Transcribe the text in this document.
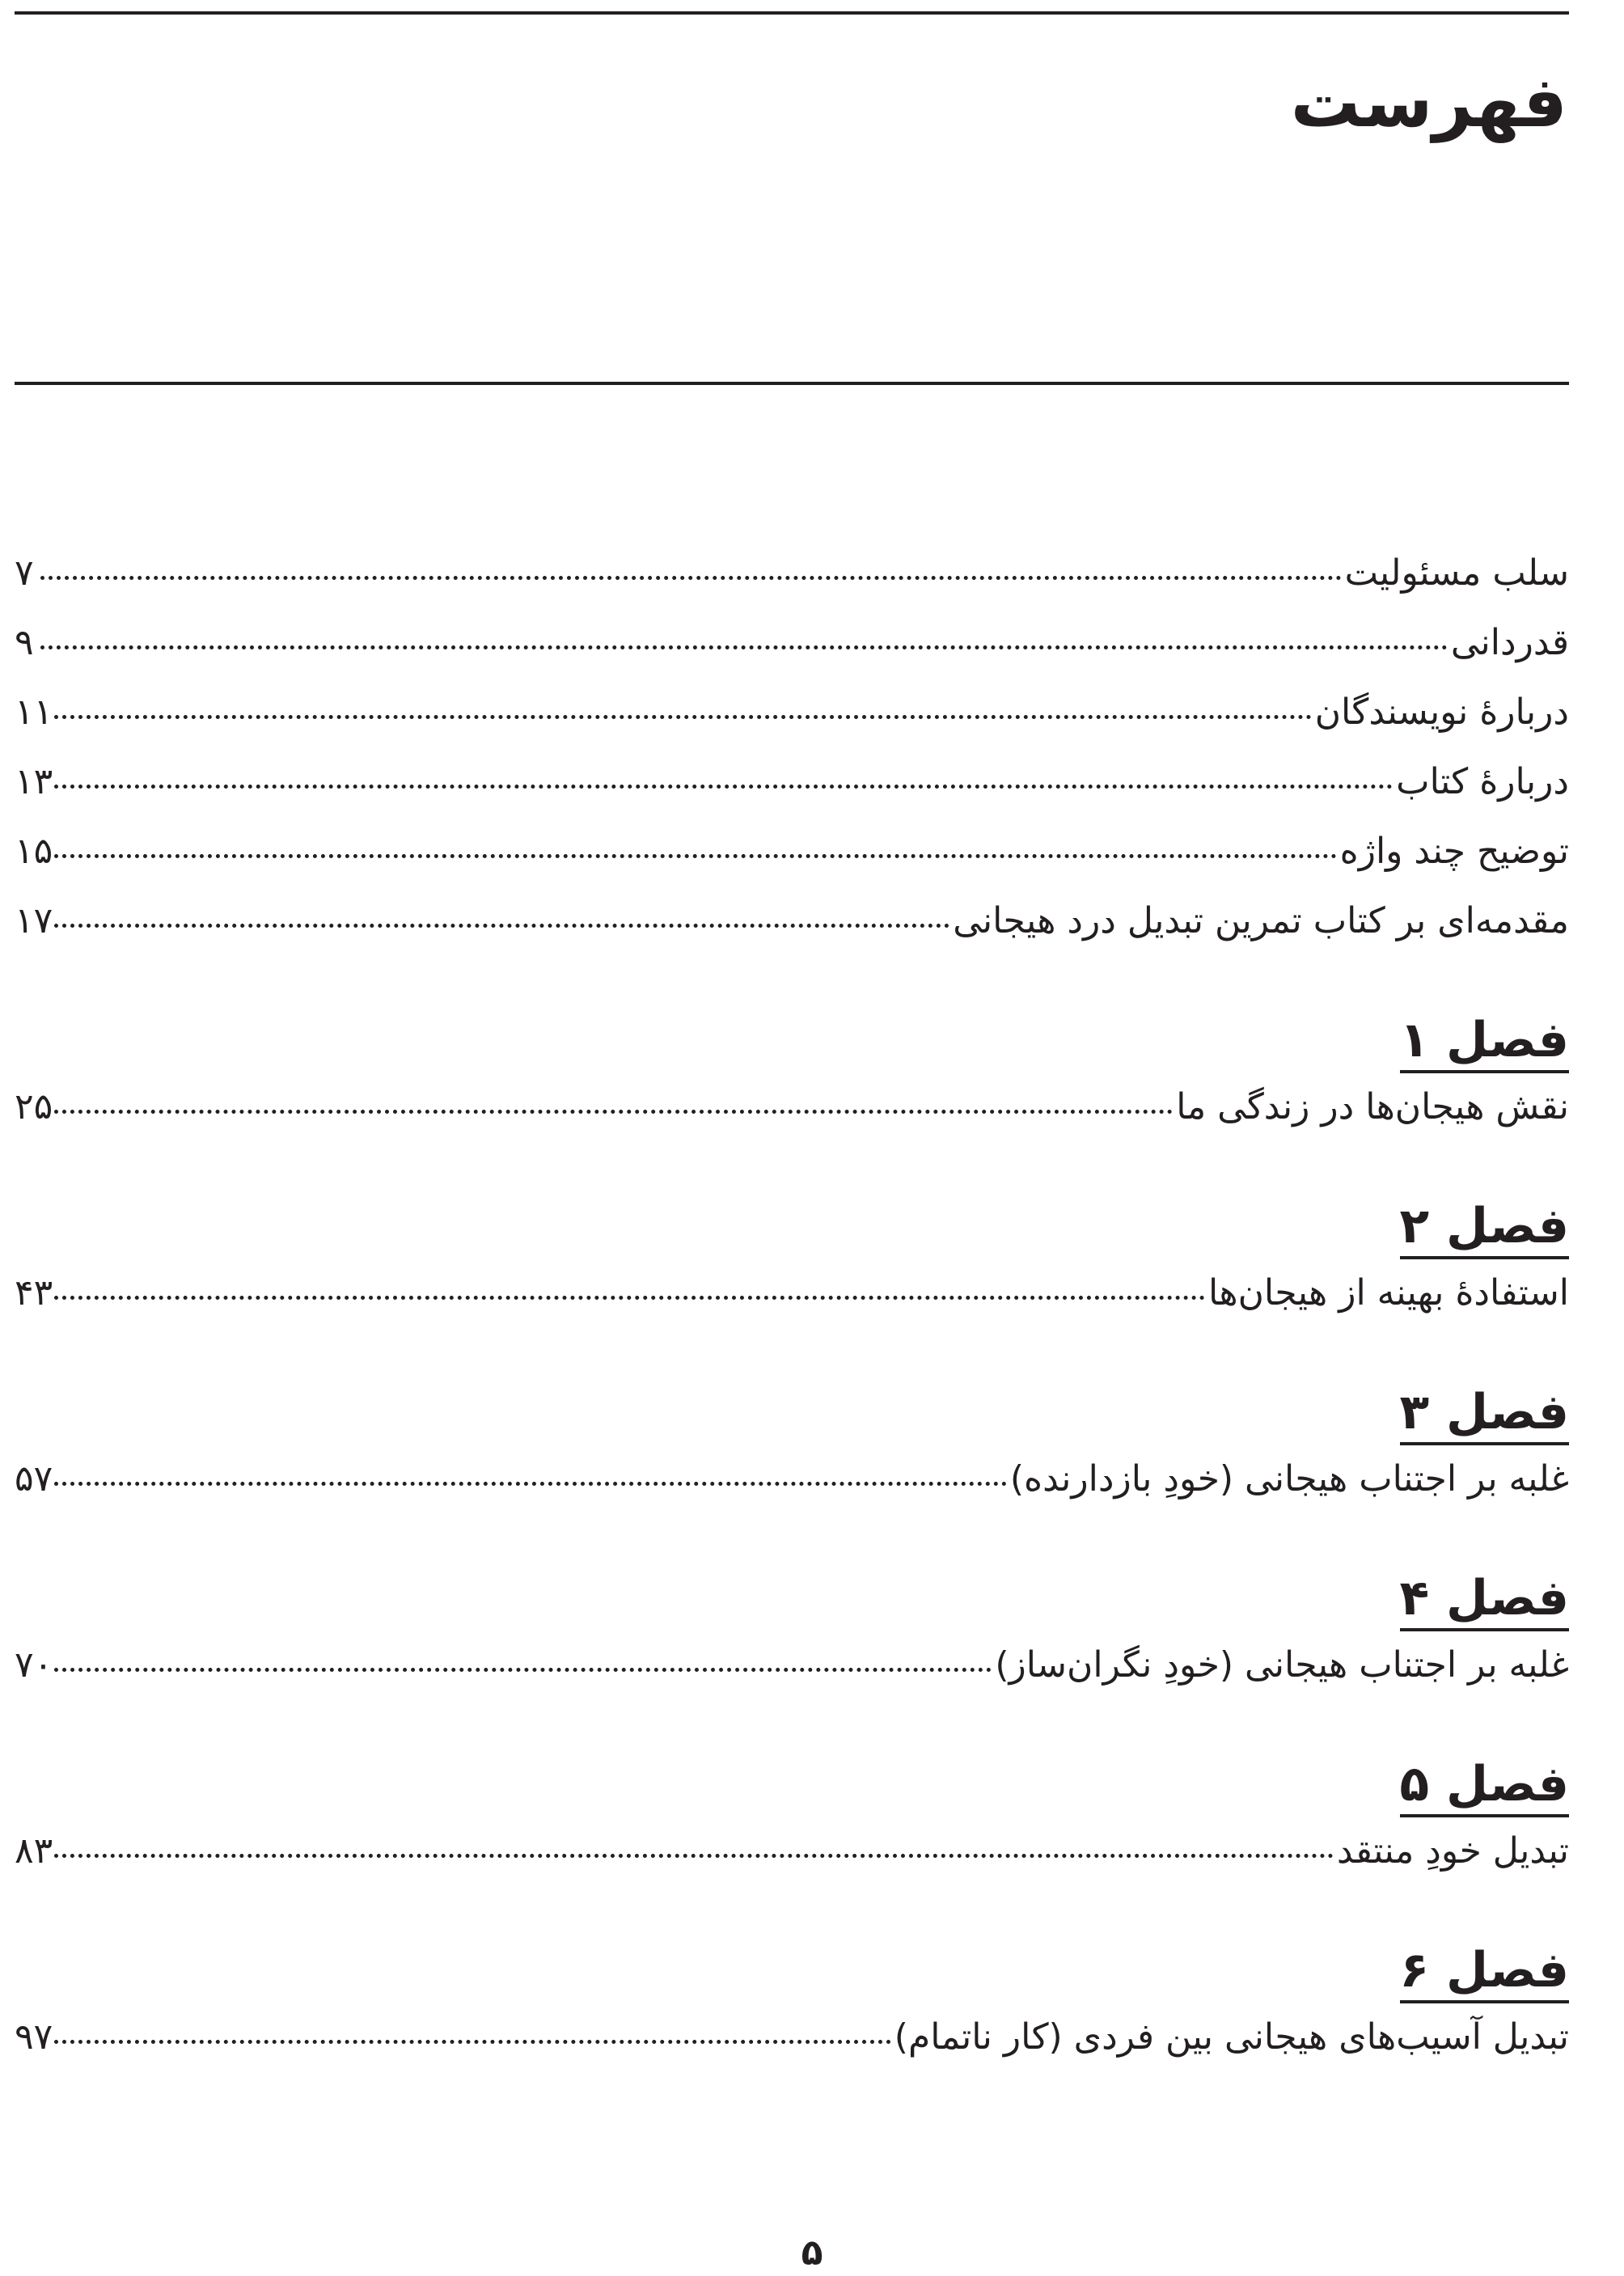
فهرست
سلب مسئولیت
۷
قدردانی
۹
دربارۀ نویسندگان
۱۱
دربارۀ کتاب
۱۳
توضیح چند واژه
۱۵
مقدمه‌ای بر کتاب تمرین تبدیل درد هیجانی
۱۷
فصل ۱
نقش هیجان‌ها در زندگی ما
۲۵
فصل ۲
استفادۀ بهینه از هیجان‌ها
۴۳
فصل ۳
غلبه بر اجتناب هیجانی (خودِ بازدارنده)
۵۷
فصل ۴
غلبه بر اجتناب هیجانی (خودِ نگران‌ساز)
۷۰
فصل ۵
تبدیل خودِ منتقد
۸۳
فصل ۶
تبدیل آسیب‌های هیجانی بین فردی (کار ناتمام)
۹۷
۵
